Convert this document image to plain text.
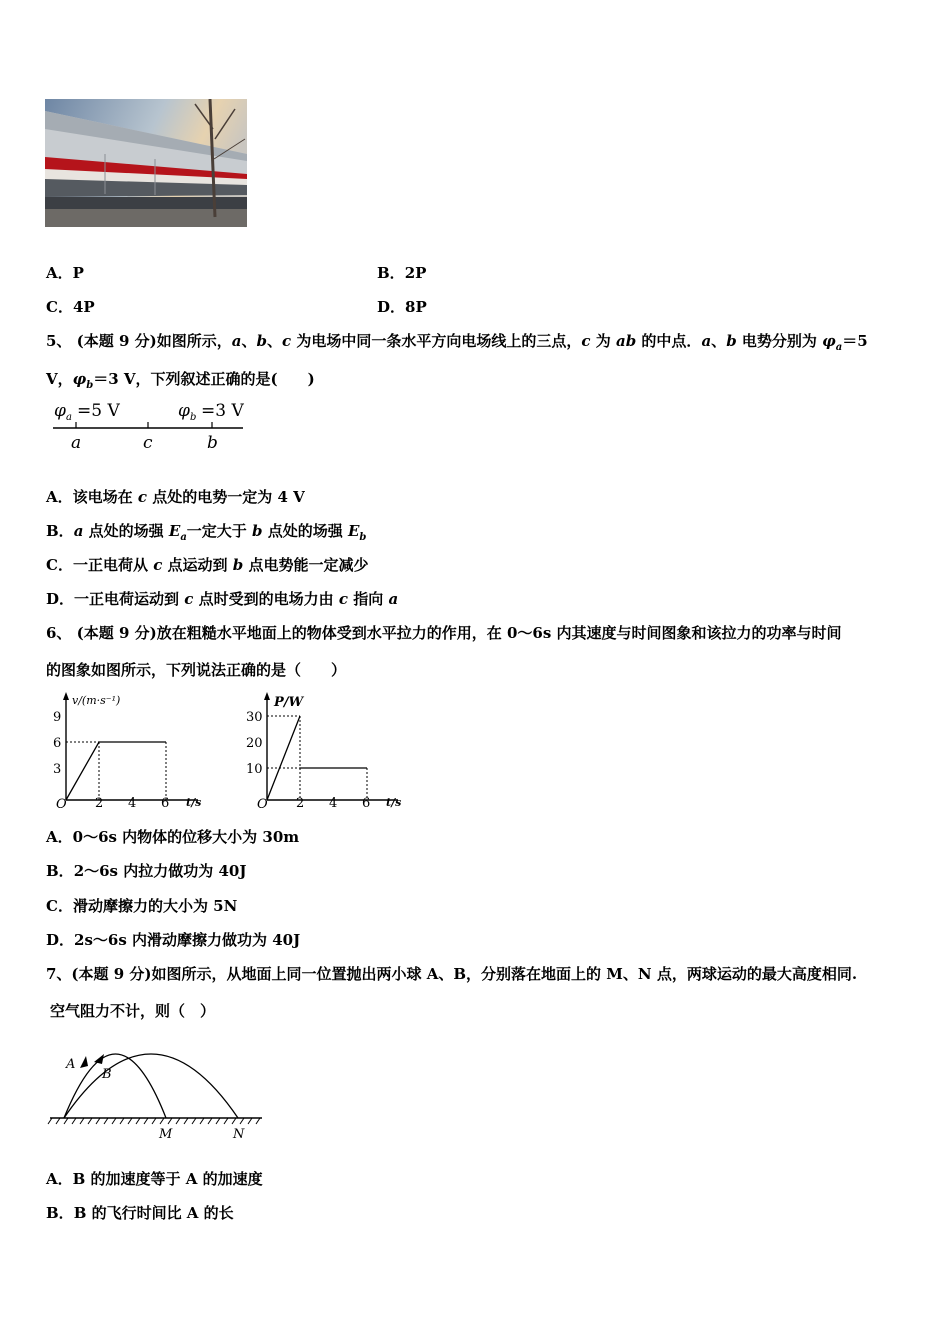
A．P	B．2P
C．4P	D．8P
5、 (本题 9 分)如图所示，a、b、c 为电场中同一条水平方向电场线上的三点，c 为 ab 的中点．a、b 电势分别为 $\varphi_a=5$
V，$\varphi_b=3$ V，下列叙述正确的是(　　)
φ a =5 V	φ b =3 V
a	c	b
A．该电场在 c 点处的电势一定为 4 V
B．a 点处的场强 $E_a$一定大于 b 点处的场强 $E_b$
C．一正电荷从 c 点运动到 b 点电势能一定减少
D．一正电荷运动到 c 点时受到的电场力由 c 指向 a
6、 (本题 9 分)放在粗糙水平地面上的物体受到水平拉力的作用，在 0～6s 内其速度与时间图象和该拉力的功率与时间
的图象如图所示，下列说法正确的是（　　）
v/(m·s⁻¹)
t/s
9
6
3
O 2 4 6
P/W
t/s
30
20
10
O 2 4 6
A．0～6s 内物体的位移大小为 30m
B．2～6s 内拉力做功为 40J
C．滑动摩擦力的大小为 5N
D．2s～6s 内滑动摩擦力做功为 40J
7、(本题 9 分)如图所示，从地面上同一位置抛出两小球 A、B，分别落在地面上的 M、N 点，两球运动的最大高度相同.
空气阻力不计，则（　）
A
B
M	N
A．B 的加速度等于 A 的加速度
B．B 的飞行时间比 A 的长
